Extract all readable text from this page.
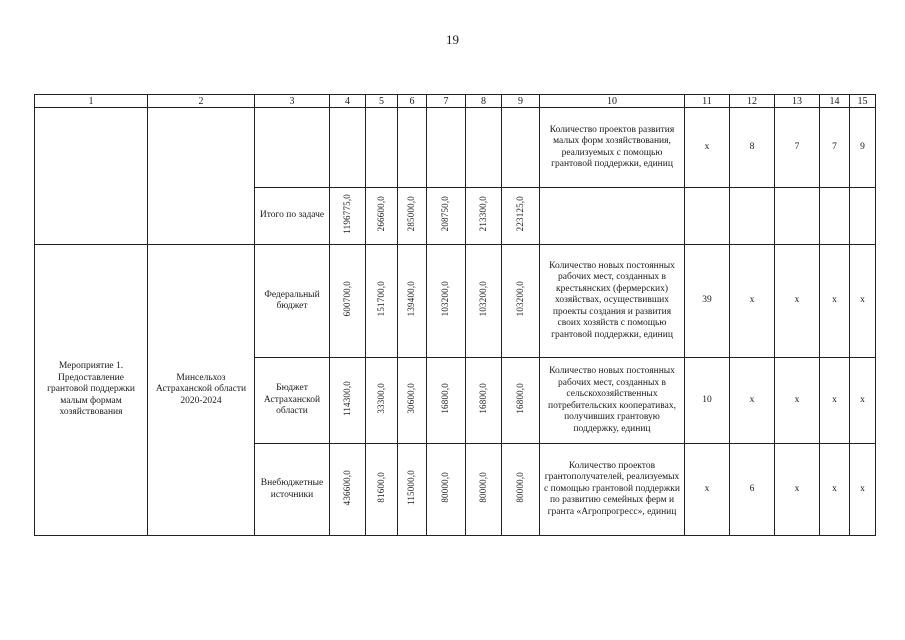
19
1	2	3	4	5	6	7	8	9	10	11	12	13	14	15
									Количество проектов развития малых форм хозяйствования, реализуемых с помощью грантовой поддержки, единиц	x	8	7	7	9
		Итого по задаче	1196775,0	266600,0	285000,0	208750,0	213300,0	223125,0						
Мероприятие 1. Предоставление грантовой поддержки малым формам хозяйствования	Минсельхоз Астраханской области 2020-2024	Федеральный бюджет	600700,0	151700,0	139400,0	103200,0	103200,0	103200,0	Количество новых постоянных рабочих мест, созданных в крестьянских (фермерских) хозяйствах, осуществивших проекты создания и развития своих хозяйств с помощью грантовой поддержки, единиц	39	x	x	x	x
		Бюджет Астраханской области	114300,0	33300,0	30600,0	16800,0	16800,0	16800,0	Количество новых постоянных рабочих мест, созданных в сельскохозяйственных потребительских кооперативах, получивших грантовую поддержку, единиц	10	x	x	x	x
		Внебюджетные источники	436600,0	81600,0	115000,0	80000,0	80000,0	80000,0	Количество проектов грантополучателей, реализуемых с помощью грантовой поддержки по развитию семейных ферм и гранта «Агропрогресс», единиц	x	6	x	x	x
